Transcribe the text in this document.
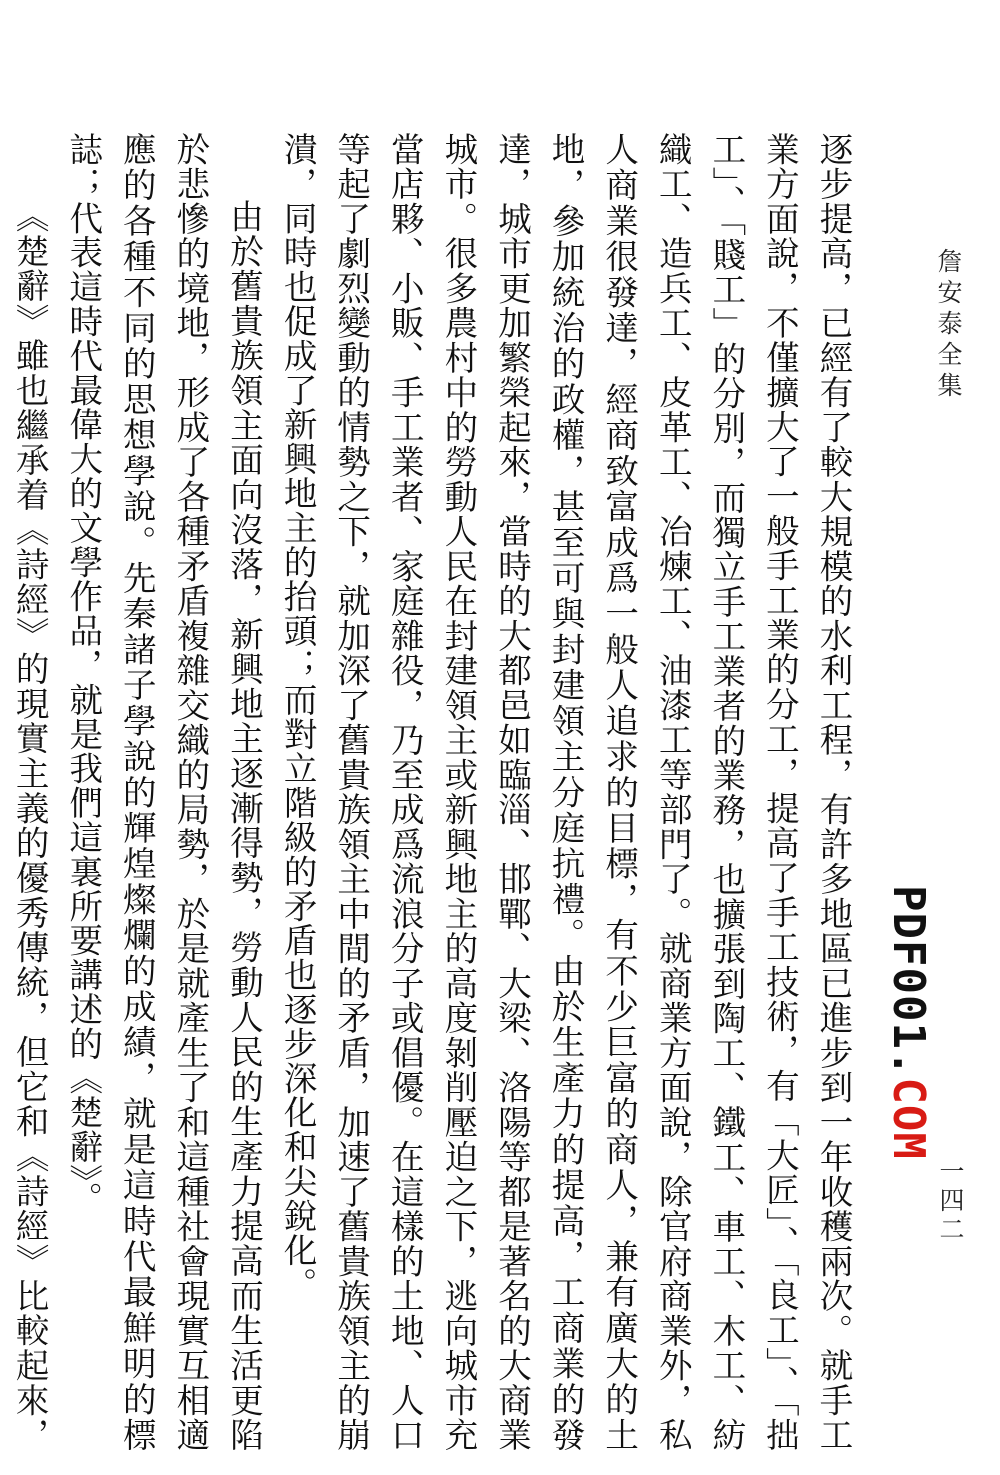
詹安泰全集
PDF001.COM
一四二

逐步提高，已經有了較大規模的水利工程，有許多地區已進步到一年收穫兩次。就手工業方面說，不僅擴大了一般手工業的分工，提高了手工技術，有「大匠」、「良工」、「拙工」、「賤工」的分別，而獨立手工業者的業務，也擴張到陶工、鐵工、車工、木工、紡織工、造兵工、皮革工、冶煉工、油漆工等部門了。就商業方面說，除官府商業外，私人商業很發達，經商致富成爲一般人追求的目標，有不少巨富的商人，兼有廣大的土地，參加統治的政權，甚至可與封建領主分庭抗禮。由於生產力的提高，工商業的發達，城市更加繁榮起來，當時的大都邑如臨淄、邯鄲、大梁、洛陽等都是著名的大商業城市。很多農村中的勞動人民在封建領主或新興地主的高度剝削壓迫之下，逃向城市充當店夥、小販、手工業者、家庭雜役，乃至成爲流浪分子或倡優。在這樣的土地、人口等起了劇烈變動的情勢之下，就加深了舊貴族領主中間的矛盾，加速了舊貴族領主的崩潰，同時也促成了新興地主的抬頭；而對立階級的矛盾也逐步深化和尖銳化。

由於舊貴族領主面向沒落，新興地主逐漸得勢，勞動人民的生產力提高而生活更陷於悲慘的境地，形成了各種矛盾複雜交織的局勢，於是就產生了和這種社會現實互相適應的各種不同的思想學說。先秦諸子學說的輝煌燦爛的成績，就是這時代最鮮明的標誌；代表這時代最偉大的文學作品，就是我們這裏所要講述的《楚辭》。

《楚辭》雖也繼承着《詩經》的現實主義的優秀傳統，但它和《詩經》比較起來，
